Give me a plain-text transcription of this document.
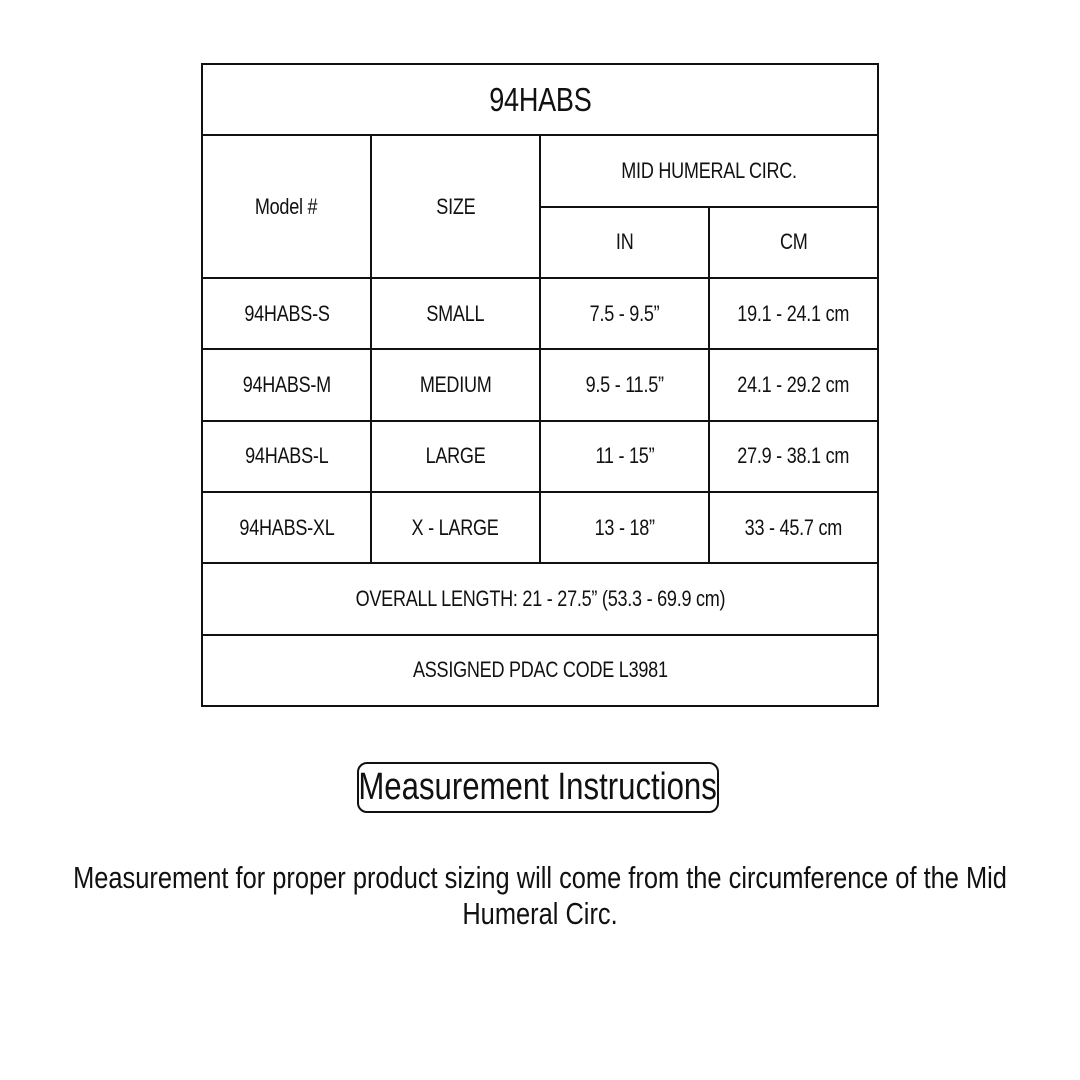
94HABS			
Model #	SIZE	MID HUMERAL CIRC.	
		IN	CM
94HABS-S	SMALL	7.5 - 9.5”	19.1 - 24.1 cm
94HABS-M	MEDIUM	9.5 - 11.5”	24.1 - 29.2 cm
94HABS-L	LARGE	11 - 15”	27.9 - 38.1 cm
94HABS-XL	X - LARGE	13 - 18”	33 - 45.7 cm
OVERALL LENGTH: 21 - 27.5” (53.3 - 69.9 cm)			
ASSIGNED PDAC CODE L3981			
Measurement Instructions
Measurement for proper product sizing will come from the circumference of the Mid Humeral Circ.
